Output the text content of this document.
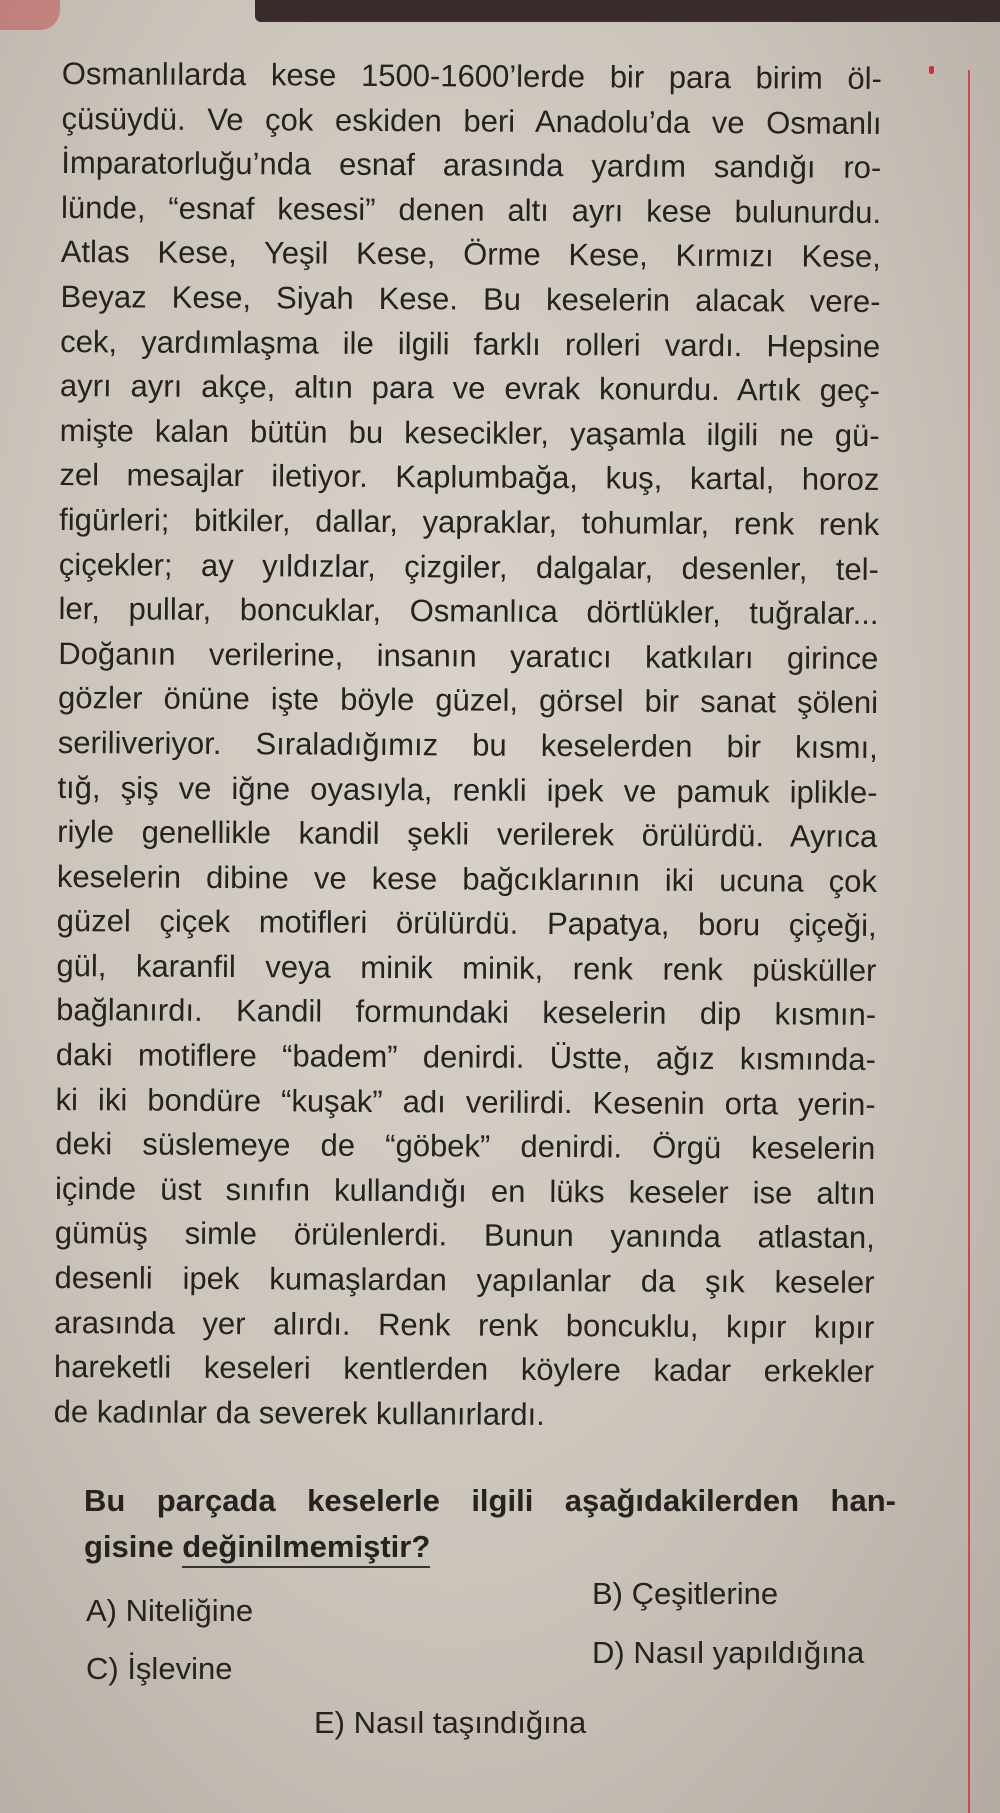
Osmanlılarda kese 1500-1600’lerde bir para birim öl-
çüsüydü. Ve çok eskiden beri Anadolu’da ve Osmanlı
İmparatorluğu’nda esnaf arasında yardım sandığı ro-
lünde, “esnaf kesesi” denen altı ayrı kese bulunurdu.
Atlas Kese, Yeşil Kese, Örme Kese, Kırmızı Kese,
Beyaz Kese, Siyah Kese. Bu keselerin alacak vere-
cek, yardımlaşma ile ilgili farklı rolleri vardı. Hepsine
ayrı ayrı akçe, altın para ve evrak konurdu. Artık geç-
mişte kalan bütün bu kesecikler, yaşamla ilgili ne gü-
zel mesajlar iletiyor. Kaplumbağa, kuş, kartal, horoz
figürleri; bitkiler, dallar, yapraklar, tohumlar, renk renk
çiçekler; ay yıldızlar, çizgiler, dalgalar, desenler, tel-
ler, pullar, boncuklar, Osmanlıca dörtlükler, tuğralar...
Doğanın verilerine, insanın yaratıcı katkıları girince
gözler önüne işte böyle güzel, görsel bir sanat şöleni
seriliveriyor. Sıraladığımız bu keselerden bir kısmı,
tığ, şiş ve iğne oyasıyla, renkli ipek ve pamuk iplikle-
riyle genellikle kandil şekli verilerek örülürdü. Ayrıca
keselerin dibine ve kese bağcıklarının iki ucuna çok
güzel çiçek motifleri örülürdü. Papatya, boru çiçeği,
gül, karanfil veya minik minik, renk renk püsküller
bağlanırdı. Kandil formundaki keselerin dip kısmın-
daki motiflere “badem” denirdi. Üstte, ağız kısmında-
ki iki bondüre “kuşak” adı verilirdi. Kesenin orta yerin-
deki süslemeye de “göbek” denirdi. Örgü keselerin
içinde üst sınıfın kullandığı en lüks keseler ise altın
gümüş simle örülenlerdi. Bunun yanında atlastan,
desenli ipek kumaşlardan yapılanlar da şık keseler
arasında yer alırdı. Renk renk boncuklu, kıpır kıpır
hareketli keseleri kentlerden köylere kadar erkekler
de kadınlar da severek kullanırlardı.
Bu parçada keselerle ilgili aşağıdakilerden han-
gisine değinilmemiştir?
A) Niteliğine	B) Çeşitlerine
C) İşlevine	D) Nasıl yapıldığına
E) Nasıl taşındığına
